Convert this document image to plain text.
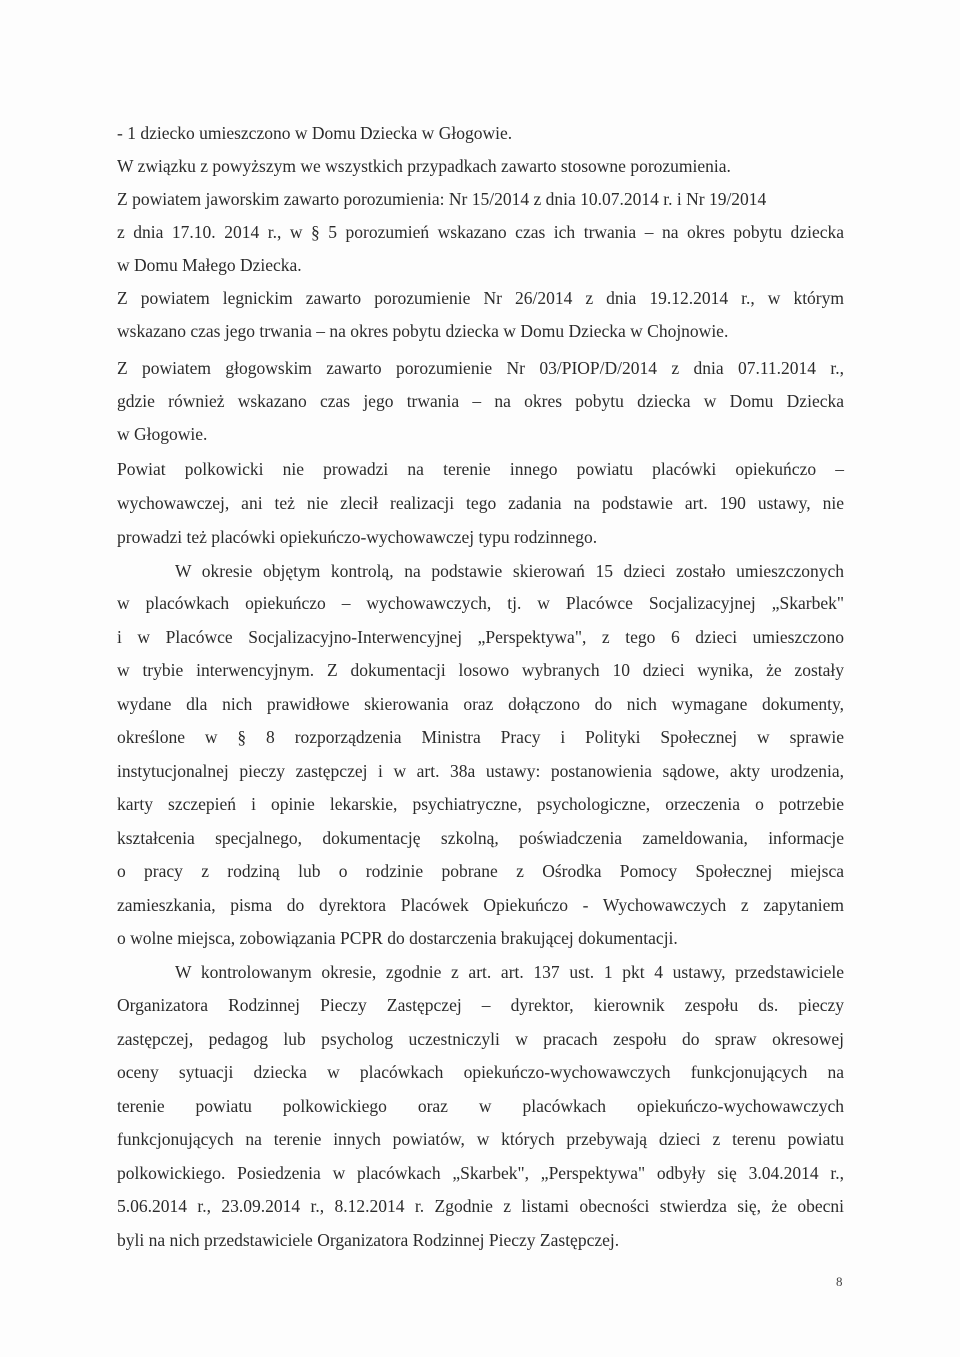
- 1 dziecko umieszczono w Domu Dziecka w Głogowie.
W związku z powyższym we wszystkich przypadkach zawarto stosowne porozumienia.
Z powiatem jaworskim zawarto porozumienia: Nr 15/2014 z dnia 10.07.2014 r. i Nr 19/2014
z dnia 17.10. 2014 r., w § 5 porozumień wskazano czas ich trwania – na okres pobytu dziecka
w Domu Małego Dziecka.
Z powiatem legnickim zawarto porozumienie Nr 26/2014 z dnia 19.12.2014 r., w którym
wskazano czas jego trwania – na okres pobytu dziecka w Domu Dziecka w Chojnowie.
Z powiatem głogowskim zawarto porozumienie Nr 03/PIOP/D/2014 z dnia 07.11.2014 r.,
gdzie również wskazano czas jego trwania – na okres pobytu dziecka w Domu Dziecka
w Głogowie.
Powiat polkowicki nie prowadzi na terenie innego powiatu placówki opiekuńczo –
wychowawczej, ani też nie zlecił realizacji tego zadania na podstawie art. 190 ustawy, nie
prowadzi też placówki opiekuńczo-wychowawczej typu rodzinnego.
W okresie objętym kontrolą, na podstawie skierowań 15 dzieci zostało umieszczonych
w placówkach opiekuńczo – wychowawczych, tj. w Placówce Socjalizacyjnej „Skarbek"
i w Placówce Socjalizacyjno-Interwencyjnej „Perspektywa", z tego 6 dzieci umieszczono
w trybie interwencyjnym. Z dokumentacji losowo wybranych 10 dzieci wynika, że zostały
wydane dla nich prawidłowe skierowania oraz dołączono do nich wymagane dokumenty,
określone w § 8 rozporządzenia Ministra Pracy i Polityki Społecznej w sprawie
instytucjonalnej pieczy zastępczej i w art. 38a ustawy: postanowienia sądowe, akty urodzenia,
karty szczepień i opinie lekarskie, psychiatryczne, psychologiczne, orzeczenia o potrzebie
kształcenia specjalnego, dokumentację szkolną, poświadczenia zameldowania, informacje
o pracy z rodziną lub o rodzinie pobrane z Ośrodka Pomocy Społecznej miejsca
zamieszkania, pisma do dyrektora Placówek Opiekuńczo - Wychowawczych z zapytaniem
o wolne miejsca, zobowiązania PCPR do dostarczenia brakującej dokumentacji.
W kontrolowanym okresie, zgodnie z art. art. 137 ust. 1 pkt 4 ustawy, przedstawiciele
Organizatora Rodzinnej Pieczy Zastępczej – dyrektor, kierownik zespołu ds. pieczy
zastępczej, pedagog lub psycholog uczestniczyli w pracach zespołu do spraw okresowej
oceny sytuacji dziecka w placówkach opiekuńczo-wychowawczych funkcjonujących na
terenie powiatu polkowickiego oraz w placówkach opiekuńczo-wychowawczych
funkcjonujących na terenie innych powiatów, w których przebywają dzieci z terenu powiatu
polkowickiego. Posiedzenia w placówkach „Skarbek", „Perspektywa" odbyły się 3.04.2014 r.,
5.06.2014 r., 23.09.2014 r., 8.12.2014 r. Zgodnie z listami obecności stwierdza się, że obecni
byli na nich przedstawiciele Organizatora Rodzinnej Pieczy Zastępczej.
8
